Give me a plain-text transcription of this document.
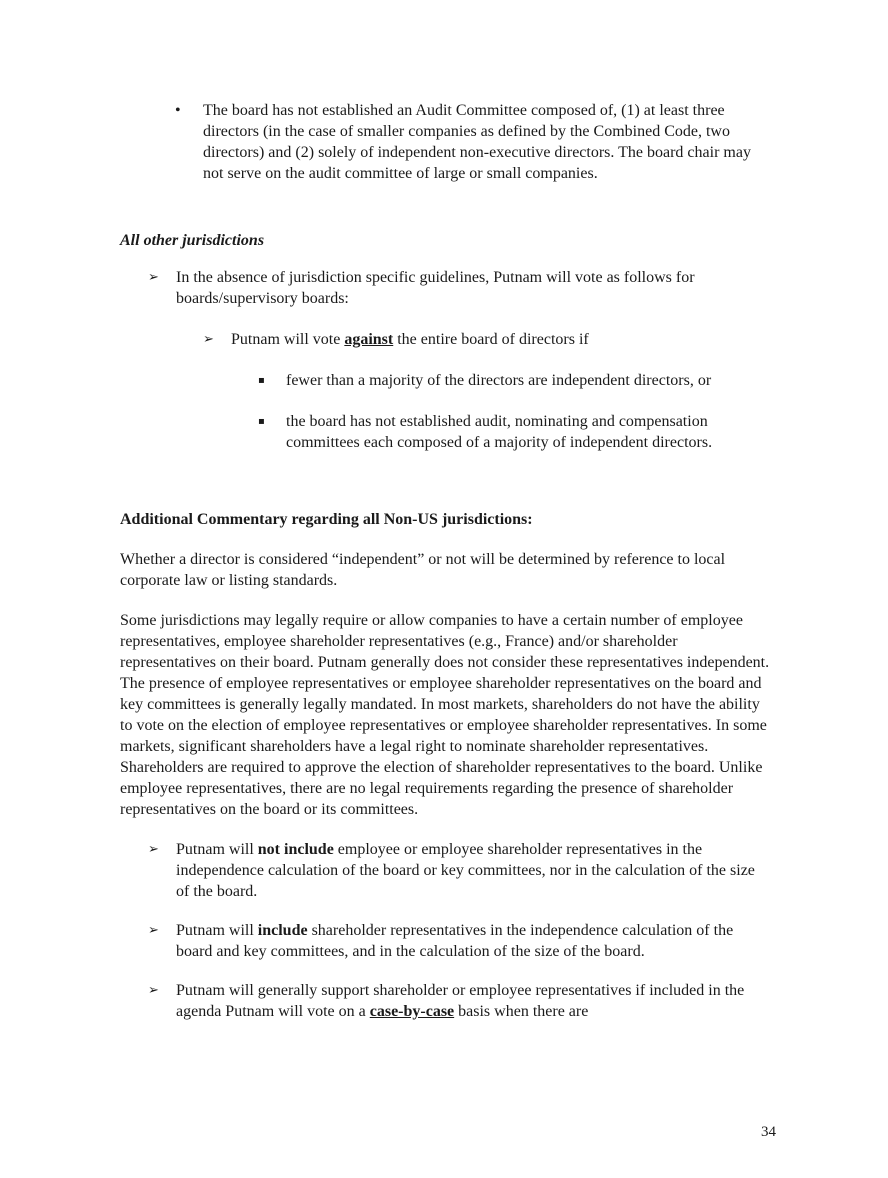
•	The board has not established an Audit Committee composed of, (1) at least three directors (in the case of smaller companies as defined by the Combined Code, two directors) and (2) solely of independent non-executive directors. The board chair may not serve on the audit committee of large or small companies.
All other jurisdictions
➢	In the absence of jurisdiction specific guidelines, Putnam will vote as follows for boards/supervisory boards:
➢	Putnam will vote against the entire board of directors if
▪	fewer than a majority of the directors are independent directors, or
▪	the board has not established audit, nominating and compensation committees each composed of a majority of independent directors.
Additional Commentary regarding all Non-US jurisdictions:
Whether a director is considered “independent” or not will be determined by reference to local corporate law or listing standards.
Some jurisdictions may legally require or allow companies to have a certain number of employee representatives, employee shareholder representatives (e.g., France) and/or shareholder representatives on their board. Putnam generally does not consider these representatives independent. The presence of employee representatives or employee shareholder representatives on the board and key committees is generally legally mandated. In most markets, shareholders do not have the ability to vote on the election of employee representatives or employee shareholder representatives. In some markets, significant shareholders have a legal right to nominate shareholder representatives. Shareholders are required to approve the election of shareholder representatives to the board. Unlike employee representatives, there are no legal requirements regarding the presence of shareholder representatives on the board or its committees.
➢	Putnam will not include employee or employee shareholder representatives in the independence calculation of the board or key committees, nor in the calculation of the size of the board.
➢	Putnam will include shareholder representatives in the independence calculation of the board and key committees, and in the calculation of the size of the board.
➢	Putnam will generally support shareholder or employee representatives if included in the agenda Putnam will vote on a case-by-case basis when there are
34
